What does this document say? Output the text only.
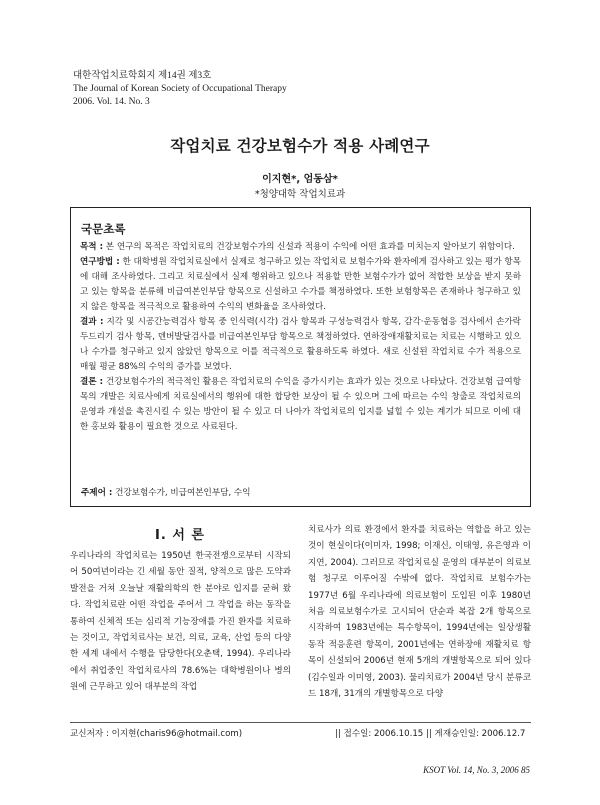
대한작업치료학회지 제14권 제3호
The Journal of Korean Society of Occupational Therapy
2006. Vol. 14. No. 3
작업치료 건강보험수가 적용 사례연구
이지현*, 엄동삼*
*청양대학 작업치료과
국문초록

목적 : 본 연구의 목적은 작업치료의 건강보험수가의 신설과 적용이 수익에 어떤 효과를 미치는지 알아보기 위함이다.

연구방법 : 한 대학병원 작업치료실에서 실제로 청구하고 있는 작업치료 보험수가와 환자에게 검사하고 있는 평가 항목에 대해 조사하였다. 그리고 치료실에서 실제 행위하고 있으나 적용할 만한 보험수가가 없어 적합한 보상을 받지 못하고 있는 항목을 분류해 비급여본인부담 항목으로 신설하고 수가를 책정하였다. 또한 보험항목은 존재하나 청구하고 있지 않은 항목을 적극적으로 활용하여 수익의 변화율을 조사하였다.

결과 : 지각 및 시공간능력검사 항목 중 인식력(시각) 검사 항목과 구성능력검사 항목, 감각·운동협응 검사에서 손가락 두드리기 검사 항목, 덴버발달검사를 비급여본인부담 항목으로 책정하였다. 연하장애재활치료는 치료는 시행하고 있으나 수가를 청구하고 있지 않았던 항목으로 이를 적극적으로 활용하도록 하였다. 새로 신설된 작업치료 수가 적용으로 매월 평균 88%의 수익의 증가를 보였다.

결론 : 건강보험수가의 적극적인 활용은 작업치료의 수익을 증가시키는 효과가 있는 것으로 나타났다. 건강보험 급여항목의 개발은 치료사에게 치료실에서의 행위에 대한 합당한 보상이 될 수 있으며 그에 따르는 수익 창출로 작업치료의 운영과 개설을 촉진시킬 수 있는 방안이 될 수 있고 더 나아가 작업치료의 입지를 넓힐 수 있는 계기가 되므로 이에 대한 홍보와 활용이 필요한 것으로 사료된다.

주제어 : 건강보험수가, 비급여본인부담, 수익
Ⅰ. 서 론
우리나라의 작업치료는 1950년 한국전쟁으로부터 시작되어 50여년이라는 긴 세월 동안 질적, 양적으로 많은 도약과 발전을 거쳐 오늘날 재활의학의 한 분야로 입지를 굳혀 왔다. 작업치료란 어떤 작업을 주어서 그 작업을 하는 동작을 통하여 신체적 또는 심리적 기능장애를 가진 환자를 치료하는 것이고, 작업치료사는 보건, 의료, 교육, 산업 등의 다양한 세계 내에서 수행을 담당한다(오춘택, 1994). 우리나라에서 취업중인 작업치료사의 78.6%는 대학병원이나 병의원에 근무하고 있어 대부분의 작업
치료사가 의료 환경에서 환자를 치료하는 역할을 하고 있는 것이 현실이다(이미자, 1998; 이재신, 이태영, 유은영과 이지연, 2004). 그러므로 작업치료실 운영의 대부분이 의료보험 청구로 이루어질 수밖에 없다. 작업치료 보험수가는 1977년 6월 우리나라에 의료보험이 도입된 이후 1980년 처음 의료보험수가로 고시되어 단순과 복잡 2개 항목으로 시작하여 1983년에는 특수항목이, 1994년에는 일상생활동작 적응훈련 항목이, 2001년에는 연하장애 재활치료 항목이 신설되어 2006년 현재 5개의 개별항목으로 되어 있다(김수일과 이미영, 2003). 물리치료가 2004년 당시 분류코드 18개, 31개의 개별항목으로 다양
교신저자 : 이지현(charis96@hotmail.com)	|| 접수일: 2006.10.15 || 게재승인일: 2006.12.7
KSOT Vol. 14, No. 3, 2006 85
